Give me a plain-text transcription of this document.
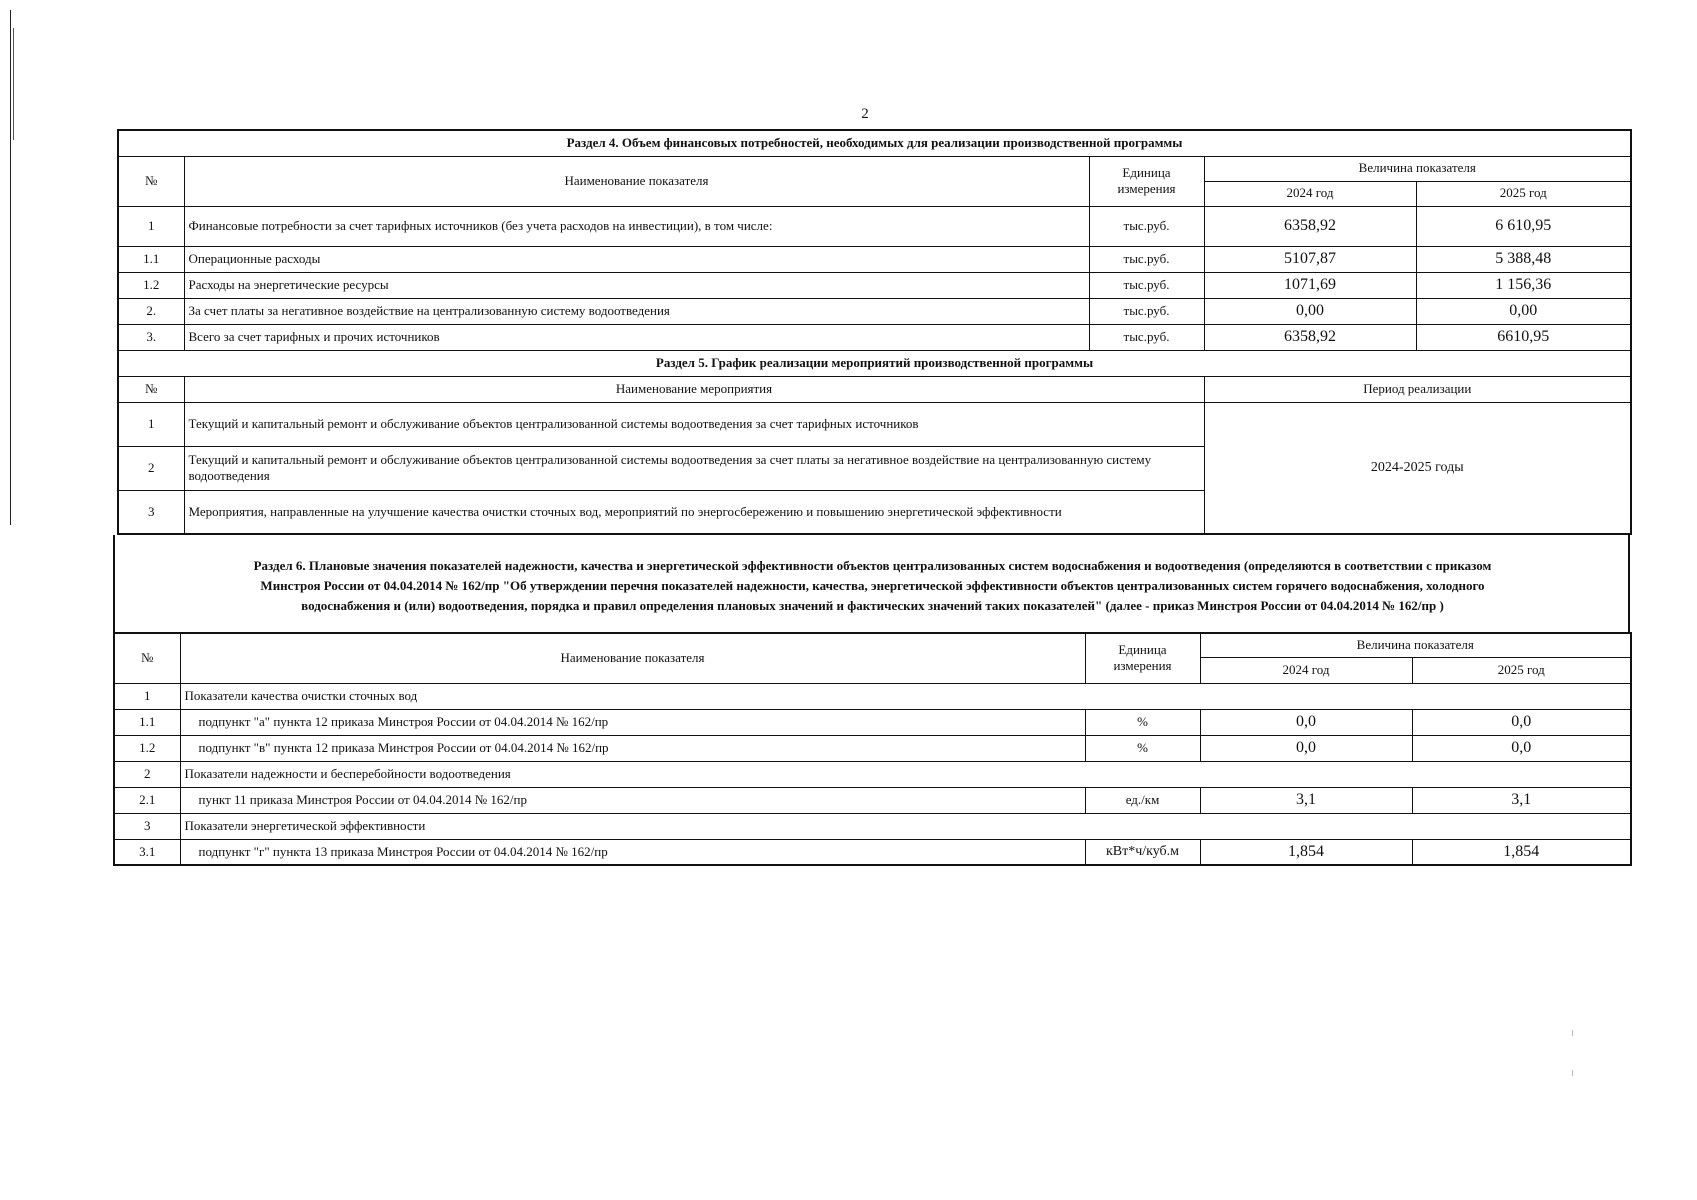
2
Раздел 4. Объем финансовых потребностей, необходимых для реализации производственной программы				
№	Наименование показателя	Единица измерения	Величина показателя	
			2024 год	2025 год
1	Финансовые потребности за счет тарифных источников (без учета расходов на инвестиции), в том числе:	тыс.руб.	6358,92	6 610,95
1.1	Операционные расходы	тыс.руб.	5107,87	5 388,48
1.2	Расходы на энергетические ресурсы	тыс.руб.	1071,69	1 156,36
2.	За счет платы за негативное воздействие на централизованную систему водоотведения	тыс.руб.	0,00	0,00
3.	Всего за счет тарифных и прочих источников	тыс.руб.	6358,92	6610,95
Раздел 5. График реализации мероприятий производственной программы				
№	Наименование мероприятия		Период реализации	
1	Текущий и капитальный ремонт и обслуживание объектов централизованной системы водоотведения за счет тарифных источников		2024-2025 годы	
2	Текущий и капитальный ремонт и обслуживание объектов централизованной системы водоотведения за счет платы за негативное воздействие на централизованную систему водоотведения			
3	Мероприятия, направленные на улучшение качества очистки сточных вод, мероприятий по энергосбережению и повышению энергетической эффективности			
Раздел 6. Плановые значения показателей надежности, качества и энергетической эффективности объектов централизованных систем водоснабжения и водоотведения (определяются в соответствии с приказом
Минстроя России от 04.04.2014 № 162/пр "Об утверждении перечня показателей надежности, качества, энергетической эффективности объектов централизованных систем горячего водоснабжения, холодного
водоснабжения и (или) водоотведения, порядка и правил определения плановых значений и фактических значений таких показателей" (далее - приказ Минстроя России от 04.04.2014 № 162/пр )
№	Наименование показателя	Единица измерения	Величина показателя	
			2024 год	2025 год
1	Показатели качества очистки сточных вод			
1.1	подпункт "а" пункта 12 приказа Минстроя России от 04.04.2014 № 162/пр	%	0,0	0,0
1.2	подпункт "в" пункта 12 приказа Минстроя России от 04.04.2014 № 162/пр	%	0,0	0,0
2	Показатели надежности и бесперебойности водоотведения			
2.1	пункт 11 приказа Минстроя России от 04.04.2014 № 162/пр	ед./км	3,1	3,1
3	Показатели энергетической эффективности			
3.1	подпункт "г" пункта 13 приказа Минстроя России от 04.04.2014 № 162/пр	кВт*ч/куб.м	1,854	1,854
